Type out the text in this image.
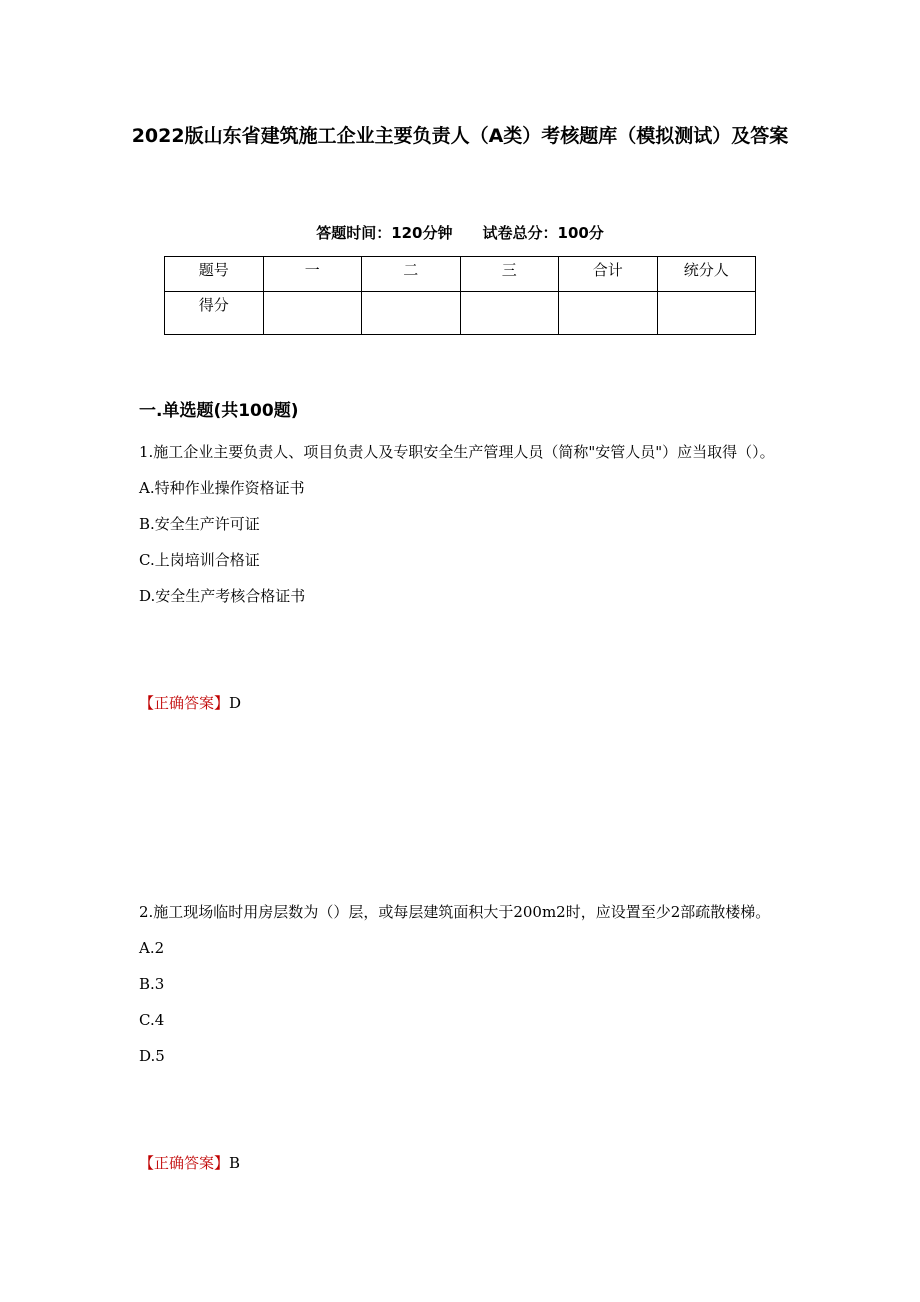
2022版山东省建筑施工企业主要负责人（A类）考核题库（模拟测试）及答案
答题时间：120分钟 试卷总分：100分
题号	一	二	三	合计	统分人
得分					
一.单选题(共100题)
1.施工企业主要负责人、项目负责人及专职安全生产管理人员（简称"安管人员"）应当取得（）。
A.特种作业操作资格证书
B.安全生产许可证
C.上岗培训合格证
D.安全生产考核合格证书
【正确答案】D
2.施工现场临时用房层数为（）层，或每层建筑面积大于200m2时，应设置至少2部疏散楼梯。
A.2
B.3
C.4
D.5
【正确答案】B
